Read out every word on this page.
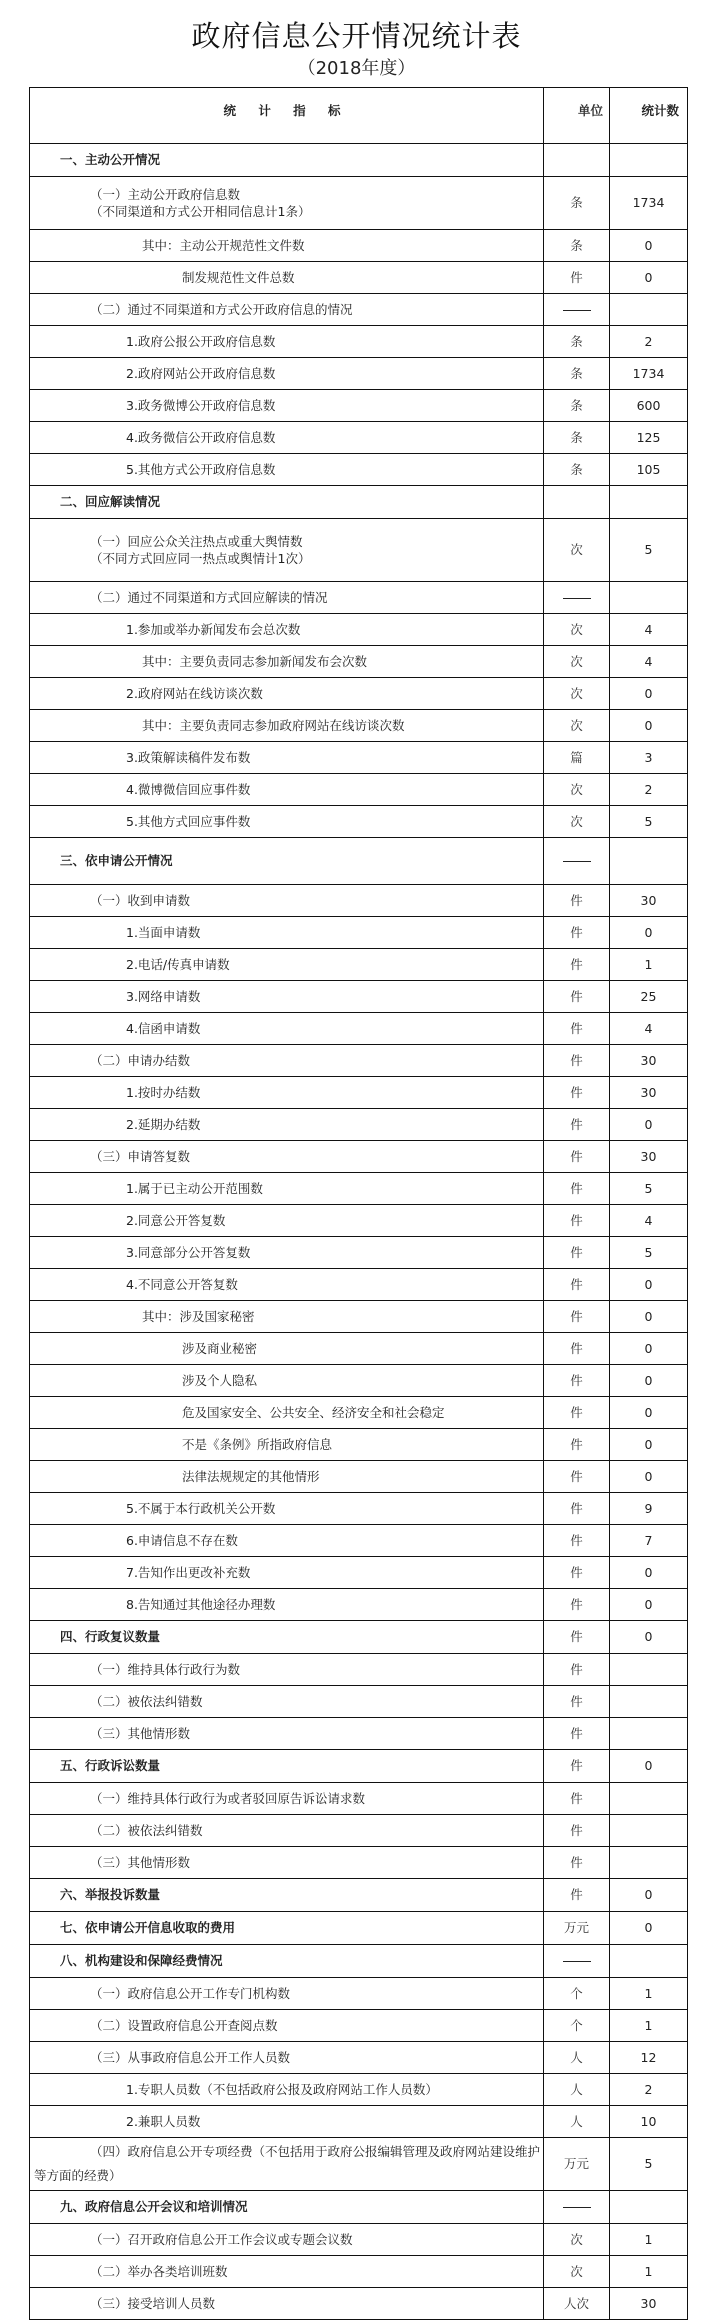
政府信息公开情况统计表
（2018年度）
统 计 指 标	单位	统计数
一、主动公开情况		

（一）主动公开政府信息数
（不同渠道和方式公开相同信息计1条）	条	1734
其中：主动公开规范性文件数	条	0
制发规范性文件总数	件	0
（二）通过不同渠道和方式公开政府信息的情况		
1.政府公报公开政府信息数	条	2
2.政府网站公开政府信息数	条	1734
3.政务微博公开政府信息数	条	600
4.政务微信公开政府信息数	条	125
5.其他方式公开政府信息数	条	105
二、回应解读情况		

（一）回应公众关注热点或重大舆情数
（不同方式回应同一热点或舆情计1次）	次	5
（二）通过不同渠道和方式回应解读的情况		
1.参加或举办新闻发布会总次数	次	4
其中：主要负责同志参加新闻发布会次数	次	4
2.政府网站在线访谈次数	次	0
其中：主要负责同志参加政府网站在线访谈次数	次	0
3.政策解读稿件发布数	篇	3
4.微博微信回应事件数	次	2
5.其他方式回应事件数	次	5
三、依申请公开情况		
（一）收到申请数	件	30
1.当面申请数	件	0
2.电话/传真申请数	件	1
3.网络申请数	件	25
4.信函申请数	件	4
（二）申请办结数	件	30
1.按时办结数	件	30
2.延期办结数	件	0
（三）申请答复数	件	30
1.属于已主动公开范围数	件	5
2.同意公开答复数	件	4
3.同意部分公开答复数	件	5
4.不同意公开答复数	件	0
其中：涉及国家秘密	件	0
涉及商业秘密	件	0
涉及个人隐私	件	0
危及国家安全、公共安全、经济安全和社会稳定	件	0
不是《条例》所指政府信息	件	0
法律法规规定的其他情形	件	0
5.不属于本行政机关公开数	件	9
6.申请信息不存在数	件	7
7.告知作出更改补充数	件	0
8.告知通过其他途径办理数	件	0
四、行政复议数量	件	0
（一）维持具体行政行为数	件	
（二）被依法纠错数	件	
（三）其他情形数	件	
五、行政诉讼数量	件	0
（一）维持具体行政行为或者驳回原告诉讼请求数	件	
（二）被依法纠错数	件	
（三）其他情形数	件	
六、举报投诉数量	件	0
七、依申请公开信息收取的费用	万元	0
八、机构建设和保障经费情况		
（一）政府信息公开工作专门机构数	个	1
（二）设置政府信息公开查阅点数	个	1
（三）从事政府信息公开工作人员数	人	12
1.专职人员数（不包括政府公报及政府网站工作人员数）	人	2
2.兼职人员数	人	10
（四）政府信息公开专项经费（不包括用于政府公报编辑管理及政府网站建设维护等方面的经费）	万元	5
九、政府信息公开会议和培训情况		
（一）召开政府信息公开工作会议或专题会议数	次	1
（二）举办各类培训班数	次	1
（三）接受培训人员数	人次	30
